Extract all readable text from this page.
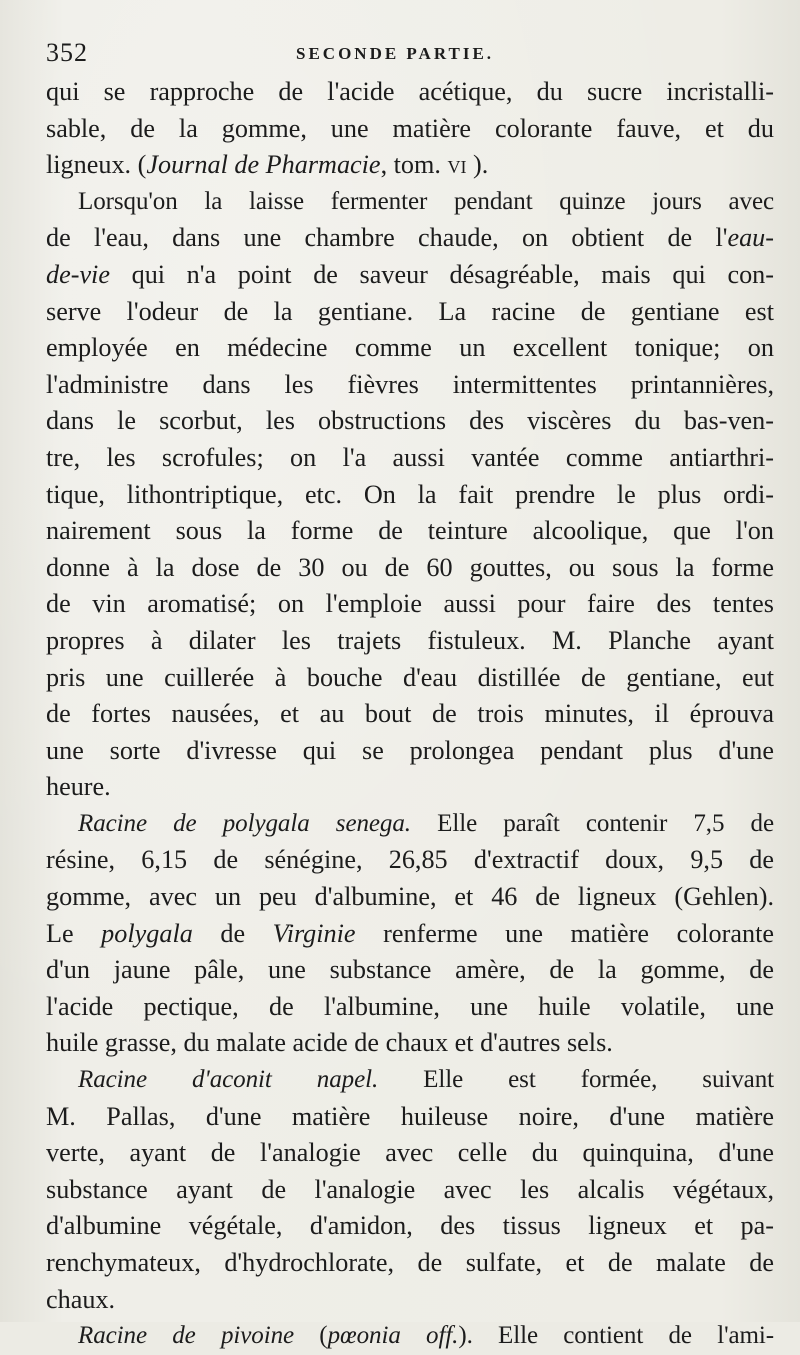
352	SECONDE PARTIE.
qui se rapproche de l'acide acétique, du sucre incristalli-
sable, de la gomme, une matière colorante fauve, et du
ligneux. (Journal de Pharmacie, tom. vi ).
Lorsqu'on la laisse fermenter pendant quinze jours avec
de l'eau, dans une chambre chaude, on obtient de l'eau-
de-vie qui n'a point de saveur désagréable, mais qui con-
serve l'odeur de la gentiane. La racine de gentiane est
employée en médecine comme un excellent tonique; on
l'administre dans les fièvres intermittentes printannières,
dans le scorbut, les obstructions des viscères du bas-ven-
tre, les scrofules; on l'a aussi vantée comme antiarthri-
tique, lithontriptique, etc. On la fait prendre le plus ordi-
nairement sous la forme de teinture alcoolique, que l'on
donne à la dose de 30 ou de 60 gouttes, ou sous la forme
de vin aromatisé; on l'emploie aussi pour faire des tentes
propres à dilater les trajets fistuleux. M. Planche ayant
pris une cuillerée à bouche d'eau distillée de gentiane, eut
de fortes nausées, et au bout de trois minutes, il éprouva
une sorte d'ivresse qui se prolongea pendant plus d'une
heure.
Racine de polygala senega. Elle paraît contenir 7,5 de
résine, 6,15 de sénégine, 26,85 d'extractif doux, 9,5 de
gomme, avec un peu d'albumine, et 46 de ligneux (Gehlen).
Le polygala de Virginie renferme une matière colorante
d'un jaune pâle, une substance amère, de la gomme, de
l'acide pectique, de l'albumine, une huile volatile, une
huile grasse, du malate acide de chaux et d'autres sels.
Racine d'aconit napel. Elle est formée, suivant
M. Pallas, d'une matière huileuse noire, d'une matière
verte, ayant de l'analogie avec celle du quinquina, d'une
substance ayant de l'analogie avec les alcalis végétaux,
d'albumine végétale, d'amidon, des tissus ligneux et pa-
renchymateux, d'hydrochlorate, de sulfate, et de malate de
chaux.
Racine de pivoine (pœonia off.). Elle contient de l'ami-
